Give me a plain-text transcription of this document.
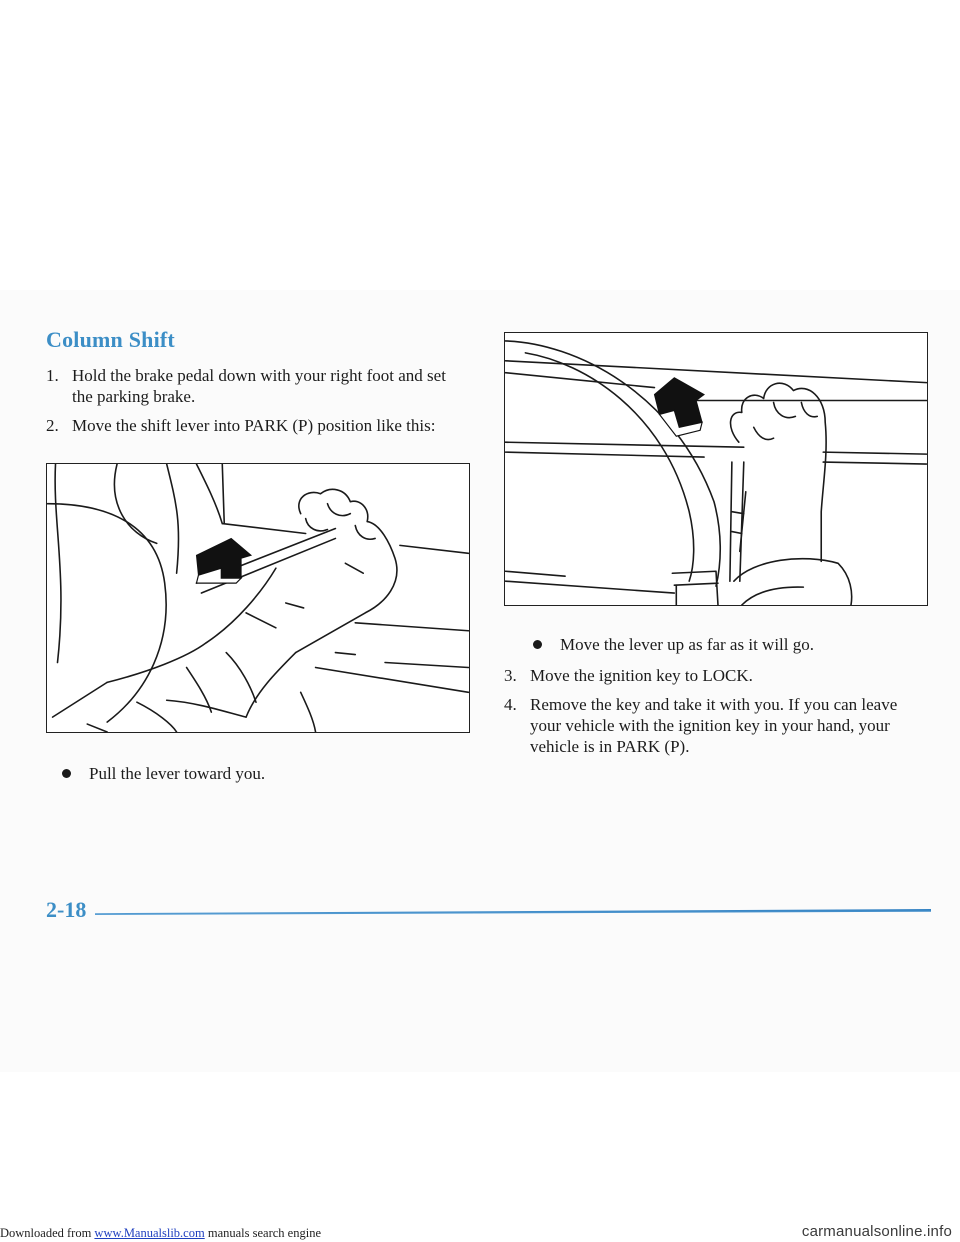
Column Shift
1. Hold the brake pedal down with your right foot and set the parking brake.
2. Move the shift lever into PARK (P) position like this:
Pull the lever toward you.
Move the lever up as far as it will go.
3. Move the ignition key to LOCK.
4. Remove the key and take it with you. If you can leave your vehicle with the ignition key in your hand, your vehicle is in PARK (P).
2-18
Downloaded from www.Manualslib.com manuals search engine	carmanualsonline.info
